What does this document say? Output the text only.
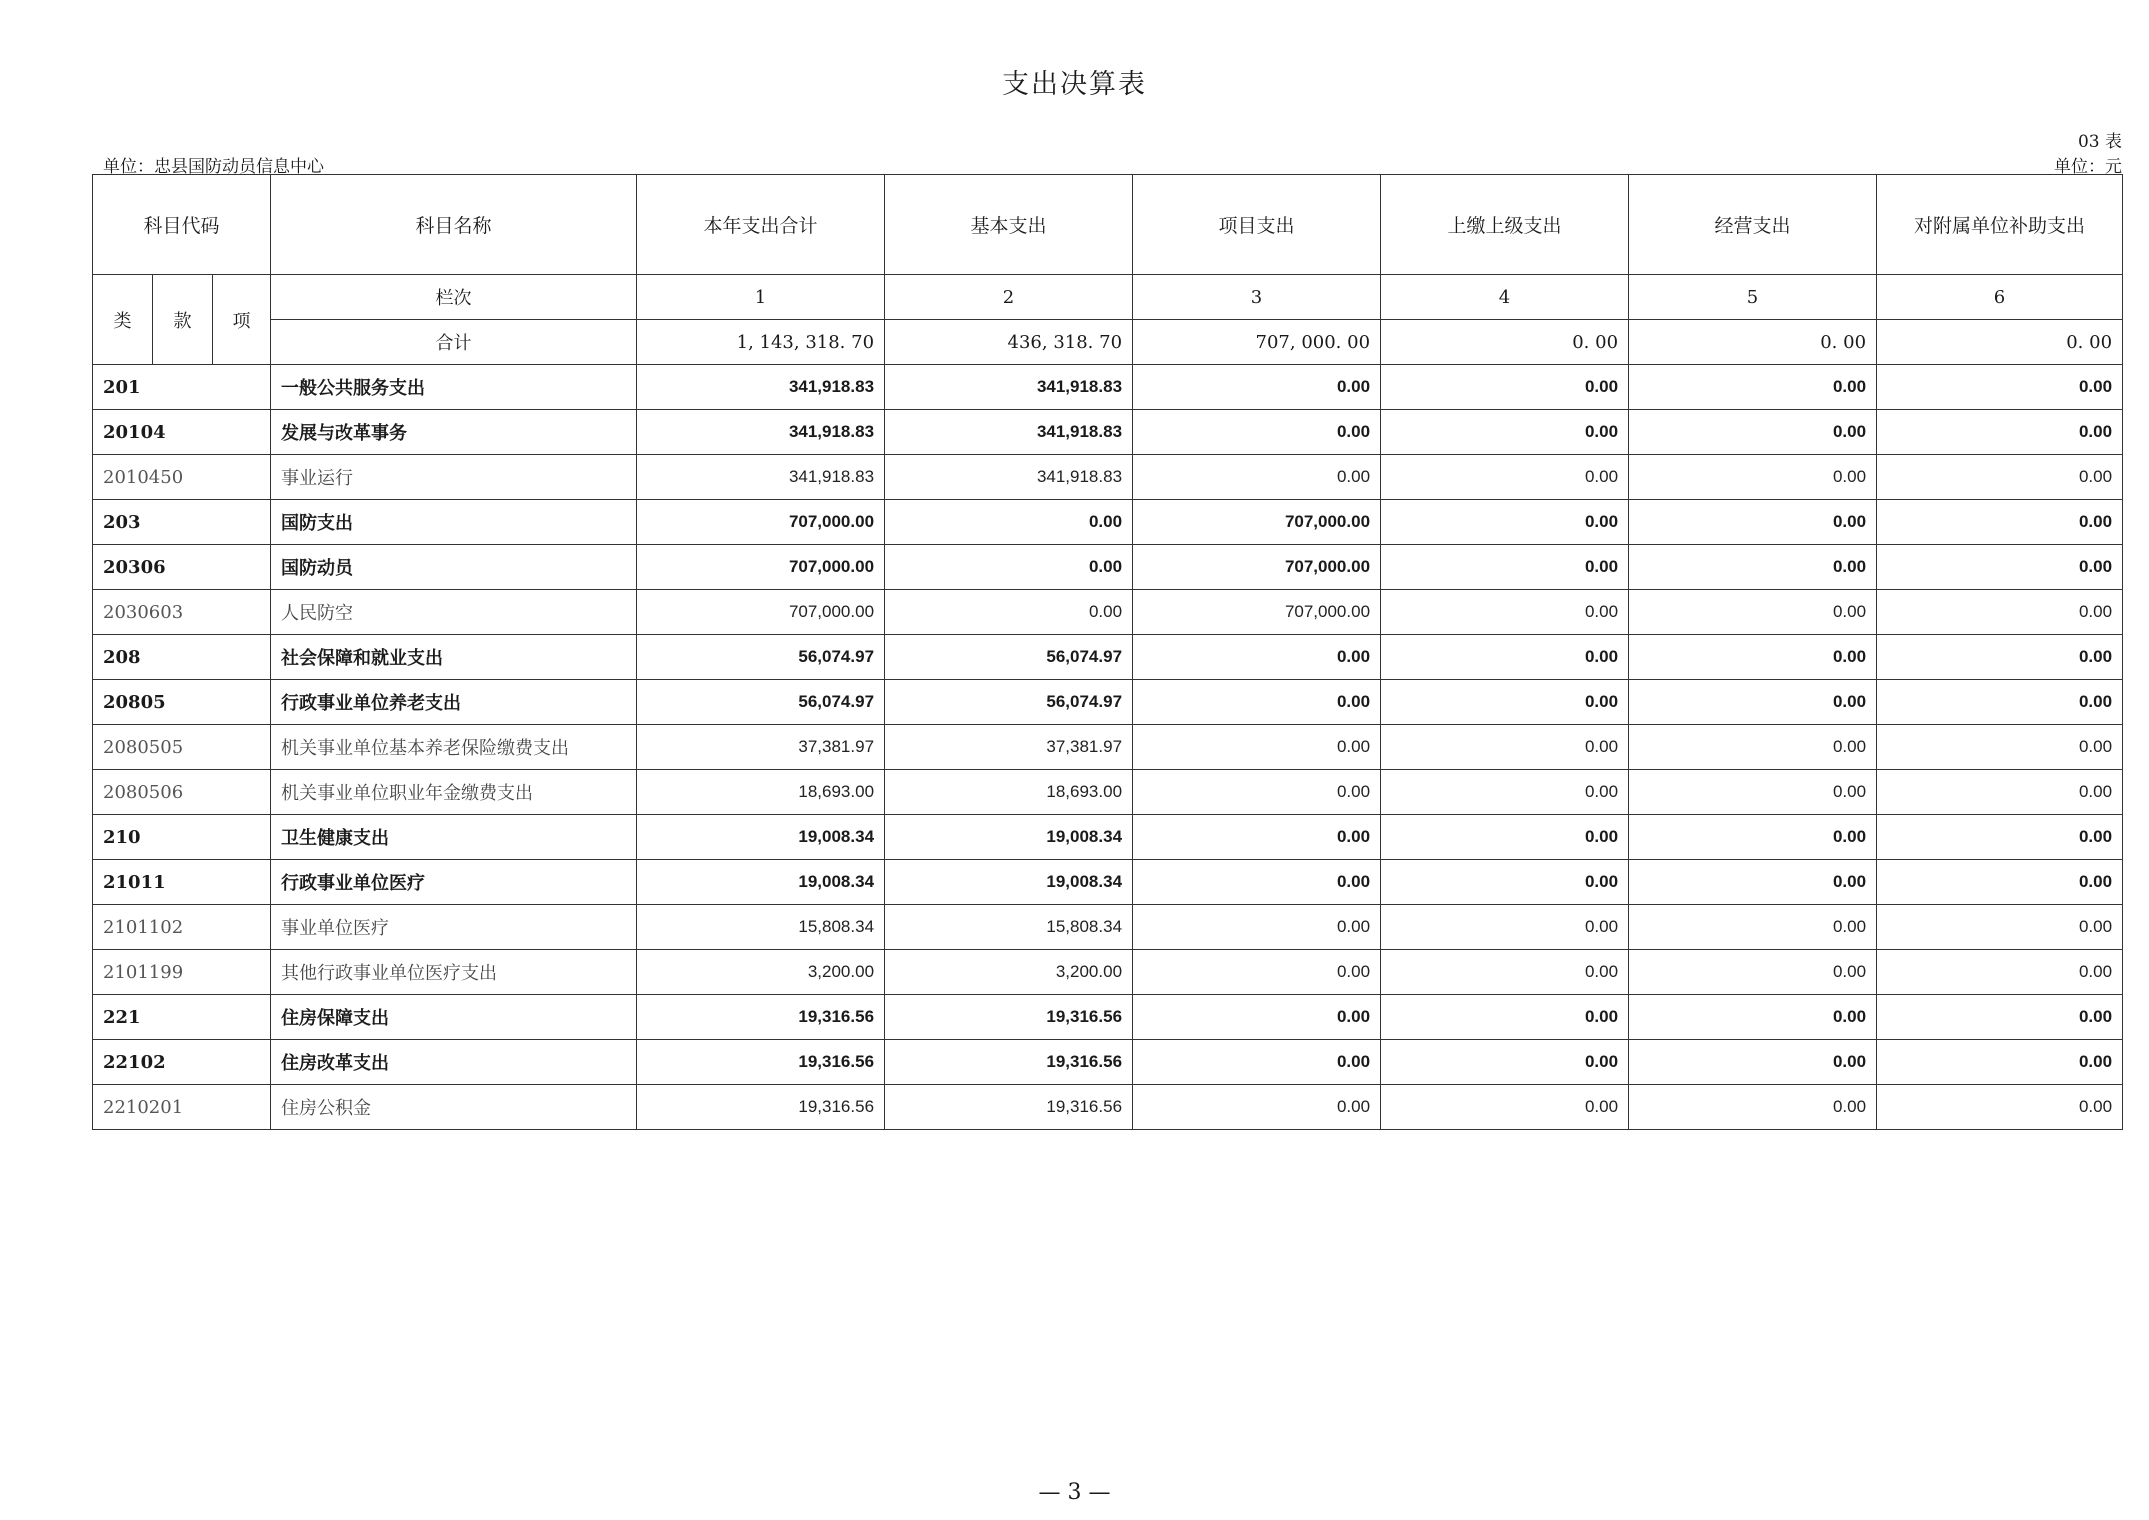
支出决算表
03 表
单位：忠县国防动员信息中心	单位：元
科目代码			科目名称	本年支出合计	基本支出	项目支出	上缴上级支出	经营支出	对附属单位补助支出
类	款	项	栏次	1	2	3	4	5	6
			合计	1, 143, 318. 70	436, 318. 70	707, 000. 00	0. 00	0. 00	0. 00
201			一般公共服务支出	341,918.83	341,918.83	0.00	0.00	0.00	0.00
20104			发展与改革事务	341,918.83	341,918.83	0.00	0.00	0.00	0.00
2010450			事业运行	341,918.83	341,918.83	0.00	0.00	0.00	0.00
203			国防支出	707,000.00	0.00	707,000.00	0.00	0.00	0.00
20306			国防动员	707,000.00	0.00	707,000.00	0.00	0.00	0.00
2030603			人民防空	707,000.00	0.00	707,000.00	0.00	0.00	0.00
208			社会保障和就业支出	56,074.97	56,074.97	0.00	0.00	0.00	0.00
20805			行政事业单位养老支出	56,074.97	56,074.97	0.00	0.00	0.00	0.00
2080505			机关事业单位基本养老保险缴费支出	37,381.97	37,381.97	0.00	0.00	0.00	0.00
2080506			机关事业单位职业年金缴费支出	18,693.00	18,693.00	0.00	0.00	0.00	0.00
210			卫生健康支出	19,008.34	19,008.34	0.00	0.00	0.00	0.00
21011			行政事业单位医疗	19,008.34	19,008.34	0.00	0.00	0.00	0.00
2101102			事业单位医疗	15,808.34	15,808.34	0.00	0.00	0.00	0.00
2101199			其他行政事业单位医疗支出	3,200.00	3,200.00	0.00	0.00	0.00	0.00
221			住房保障支出	19,316.56	19,316.56	0.00	0.00	0.00	0.00
22102			住房改革支出	19,316.56	19,316.56	0.00	0.00	0.00	0.00
2210201			住房公积金	19,316.56	19,316.56	0.00	0.00	0.00	0.00
— 3 —
